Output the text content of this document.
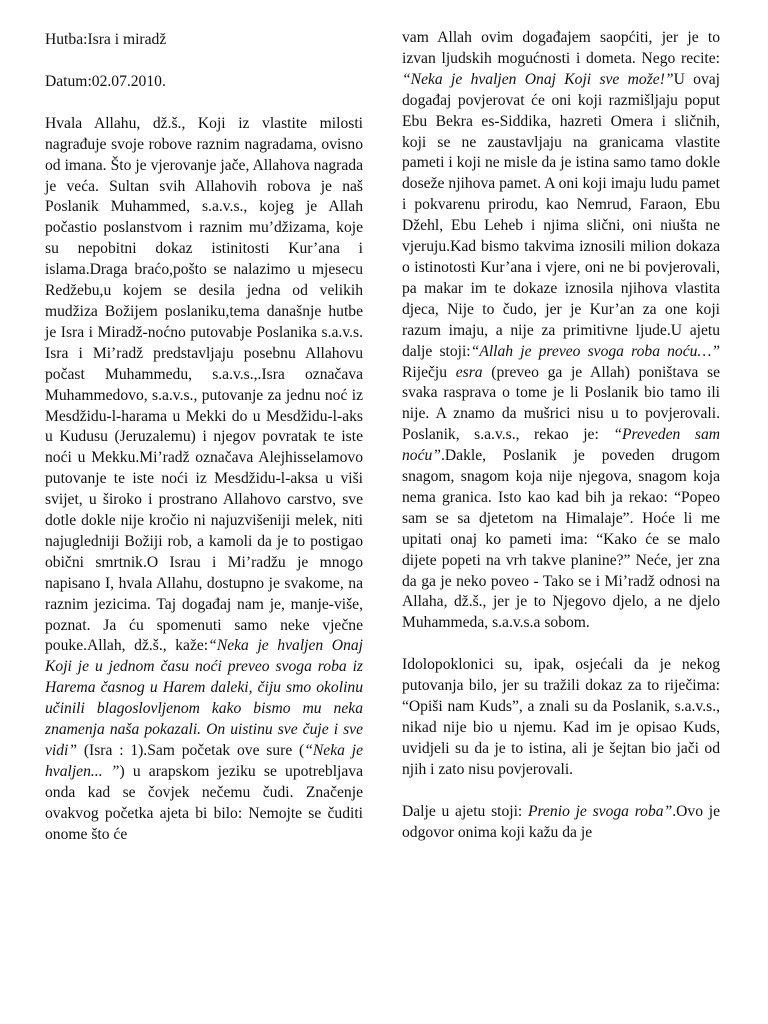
Hutba:Isra i miradž

Datum:02.07.2010.

Hvala Allahu, dž.š., Koji iz vlastite milosti nagrađuje svoje robove raznim nagradama, ovisno od imana. Što je vjerovanje jače, Allahova nagrada je veća. Sultan svih Allahovih robova je naš Poslanik Muhammed, s.a.v.s., kojeg je Allah počastio poslanstvom i raznim mu’džizama, koje su nepobitni dokaz istinitosti Kur’ana i islama.Draga braćo,pošto se nalazimo u mjesecu Redžebu,u kojem se desila jedna od velikih mudžiza Božijem poslaniku,tema današnje hutbe je Isra i Miradž-noćno putovabje Poslanika s.a.v.s. Isra i Mi’radž predstavljaju posebnu Allahovu počast Muhammedu, s.a.v.s.,.Isra označava Muhammedovo, s.a.v.s., putovanje za jednu noć iz Mesdžidu-l-harama u Mekki do u Mesdžidu-l-aks u Kudusu (Jeruzalemu) i njegov povratak te iste noći u Mekku.Mi’radž označava Alejhisselamovo putovanje te iste noći iz Mesdžidu-l-aksa u viši svijet, u široko i prostrano Allahovo carstvo, sve dotle dokle nije kročio ni najuzvišeniji melek, niti najugledniji Božiji rob, a kamoli da je to postigao obični smrtnik.O Israu i Mi’radžu je mnogo napisano I, hvala Allahu, dostupno je svakome, na raznim jezicima. Taj događaj nam je, manje-više, poznat. Ja ću spomenuti samo neke vječne pouke.Allah, dž.š., kaže:“Neka je hvaljen Onaj Koji je u jednom času noći preveo svoga roba iz Harema časnog u Harem daleki, čiju smo okolinu učinili blagoslovljenom kako bismo mu neka znamenja naša pokazali. On uistinu sve čuje i sve vidi” (Isra : 1).Sam početak ove sure (“Neka je hvaljen... ”) u arapskom jeziku se upotrebljava onda kad se čovjek nečemu čudi. Značenje ovakvog početka ajeta bi bilo: Nemojte se čuditi onome što će

vam Allah ovim događajem saopćiti, jer je to izvan ljudskih mogućnosti i dometa. Nego recite: “Neka je hvaljen Onaj Koji sve može!”U ovaj događaj povjerovat će oni koji razmišljaju poput Ebu Bekra es-Siddika, hazreti Omera i sličnih, koji se ne zaustavljaju na granicama vlastite pameti i koji ne misle da je istina samo tamo dokle doseže njihova pamet. A oni koji imaju ludu pamet i pokvarenu prirodu, kao Nemrud, Faraon, Ebu Džehl, Ebu Leheb i njima slični, oni niušta ne vjeruju.Kad bismo takvima iznosili milion dokaza o istinotosti Kur’ana i vjere, oni ne bi povjerovali, pa makar im te dokaze iznosila njihova vlastita djeca, Nije to čudo, jer je Kur’an za one koji razum imaju, a nije za primitivne ljude.U ajetu dalje stoji:“Allah je preveo svoga roba noću…” Riječju esra (preveo ga je Allah) poništava se svaka rasprava o tome je li Poslanik bio tamo ili nije. A znamo da mušrici nisu u to povjerovali. Poslanik, s.a.v.s., rekao je: “Preveden sam noću”.Dakle, Poslanik je poveden drugom snagom, snagom koja nije njegova, snagom koja nema granica. Isto kao kad bih ja rekao: “Popeo sam se sa djetetom na Himalaje”. Hoće li me upitati onaj ko pameti ima: “Kako će se malo dijete popeti na vrh takve planine?” Neće, jer zna da ga je neko poveo - Tako se i Mi’radž odnosi na Allaha, dž.š., jer je to Njegovo djelo, a ne djelo Muhammeda, s.a.v.s.a sobom.

Idolopoklonici su, ipak, osjećali da je nekog putovanja bilo, jer su tražili dokaz za to riječima: “Opiši nam Kuds”, a znali su da Poslanik, s.a.v.s., nikad nije bio u njemu. Kad im je opisao Kuds, uvidjeli su da je to istina, ali je šejtan bio jači od njih i zato nisu povjerovali.

Dalje u ajetu stoji: Prenio je svoga roba”.Ovo je odgovor onima koji kažu da je
